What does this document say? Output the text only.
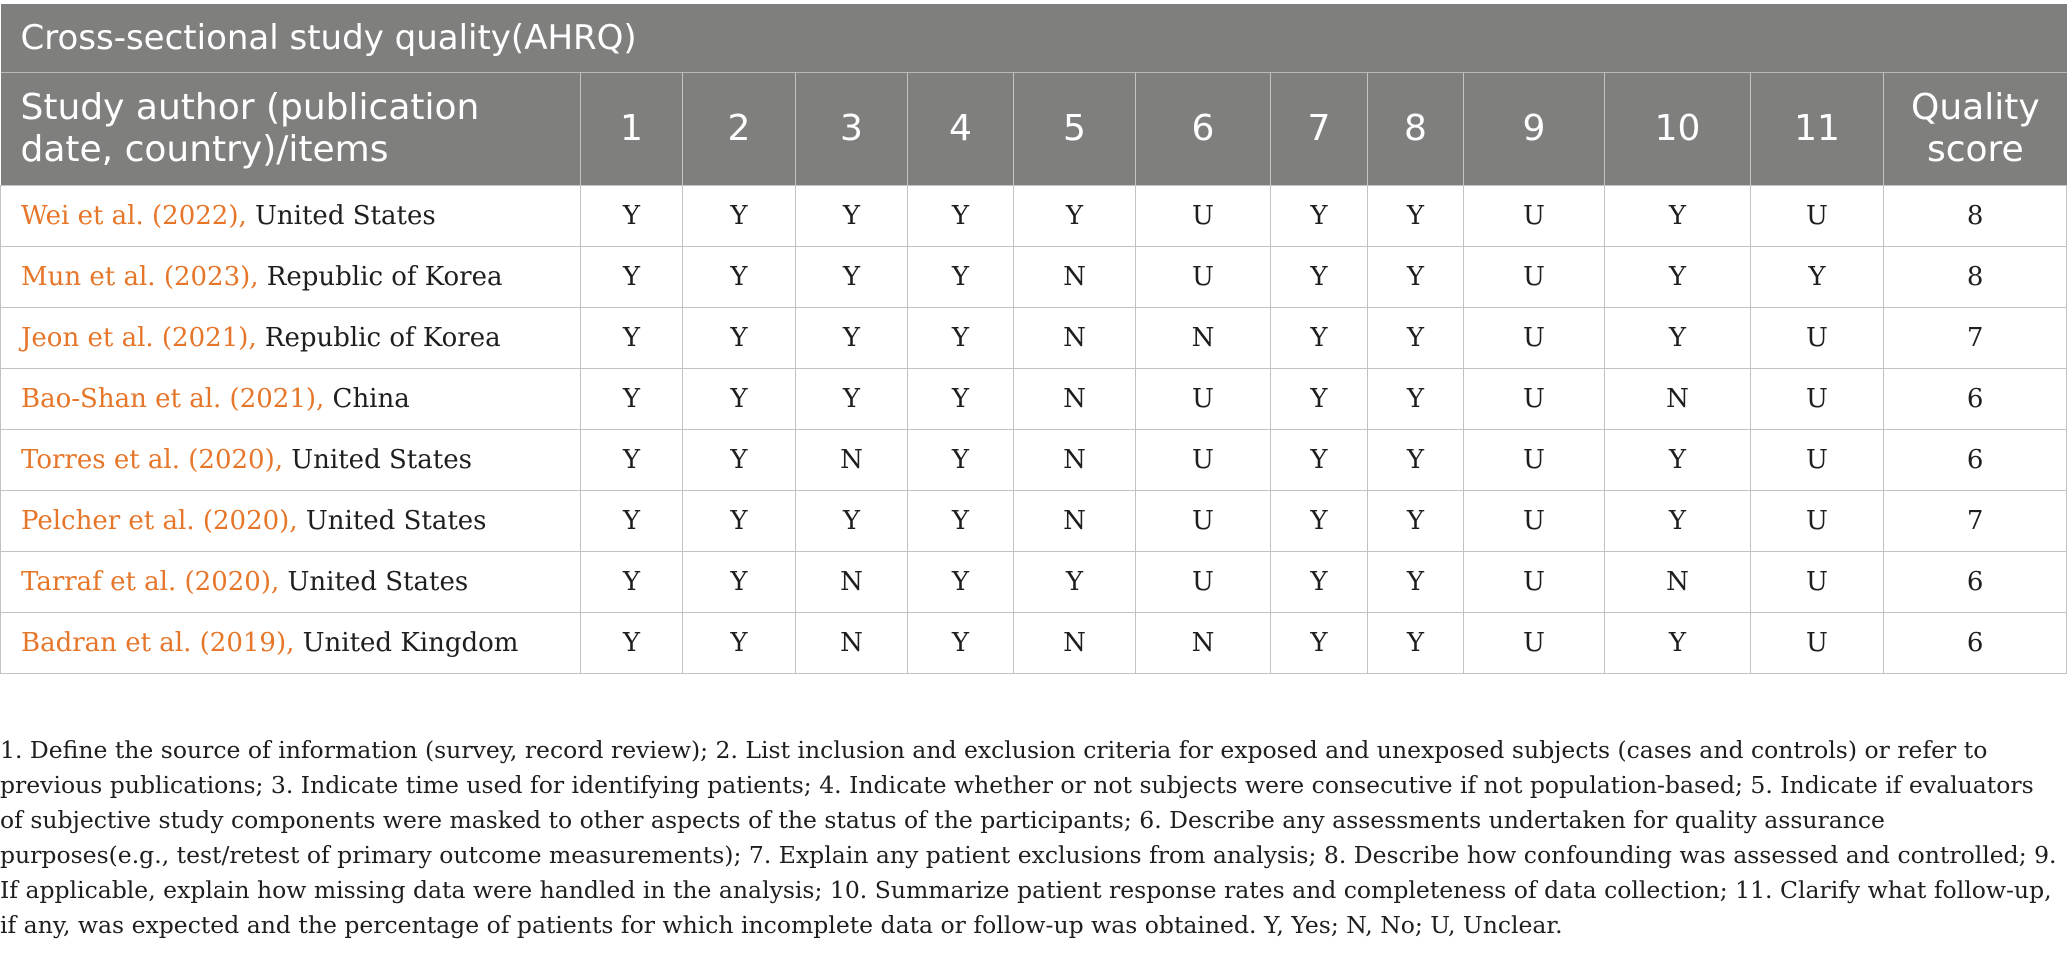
Cross-sectional study quality(AHRQ)												
Study author (publication date, country)/items	1	2	3	4	5	6	7	8	9	10	11	Quality score
Wei et al. (2022), United States	Y	Y	Y	Y	Y	U	Y	Y	U	Y	U	8
Mun et al. (2023), Republic of Korea	Y	Y	Y	Y	N	U	Y	Y	U	Y	Y	8
Jeon et al. (2021), Republic of Korea	Y	Y	Y	Y	N	N	Y	Y	U	Y	U	7
Bao-Shan et al. (2021), China	Y	Y	Y	Y	N	U	Y	Y	U	N	U	6
Torres et al. (2020), United States	Y	Y	N	Y	N	U	Y	Y	U	Y	U	6
Pelcher et al. (2020), United States	Y	Y	Y	Y	N	U	Y	Y	U	Y	U	7
Tarraf et al. (2020), United States	Y	Y	N	Y	Y	U	Y	Y	U	N	U	6
Badran et al. (2019), United Kingdom	Y	Y	N	Y	N	N	Y	Y	U	Y	U	6

1. Define the source of information (survey, record review); 2. List inclusion and exclusion criteria for exposed and unexposed subjects (cases and controls) or refer to previous publications; 3. Indicate time used for identifying patients; 4. Indicate whether or not subjects were consecutive if not population-based; 5. Indicate if evaluators of subjective study components were masked to other aspects of the status of the participants; 6. Describe any assessments undertaken for quality assurance purposes(e.g., test/retest of primary outcome measurements); 7. Explain any patient exclusions from analysis; 8. Describe how confounding was assessed and controlled; 9. If applicable, explain how missing data were handled in the analysis; 10. Summarize patient response rates and completeness of data collection; 11. Clarify what follow-up, if any, was expected and the percentage of patients for which incomplete data or follow-up was obtained. Y, Yes; N, No; U, Unclear.
